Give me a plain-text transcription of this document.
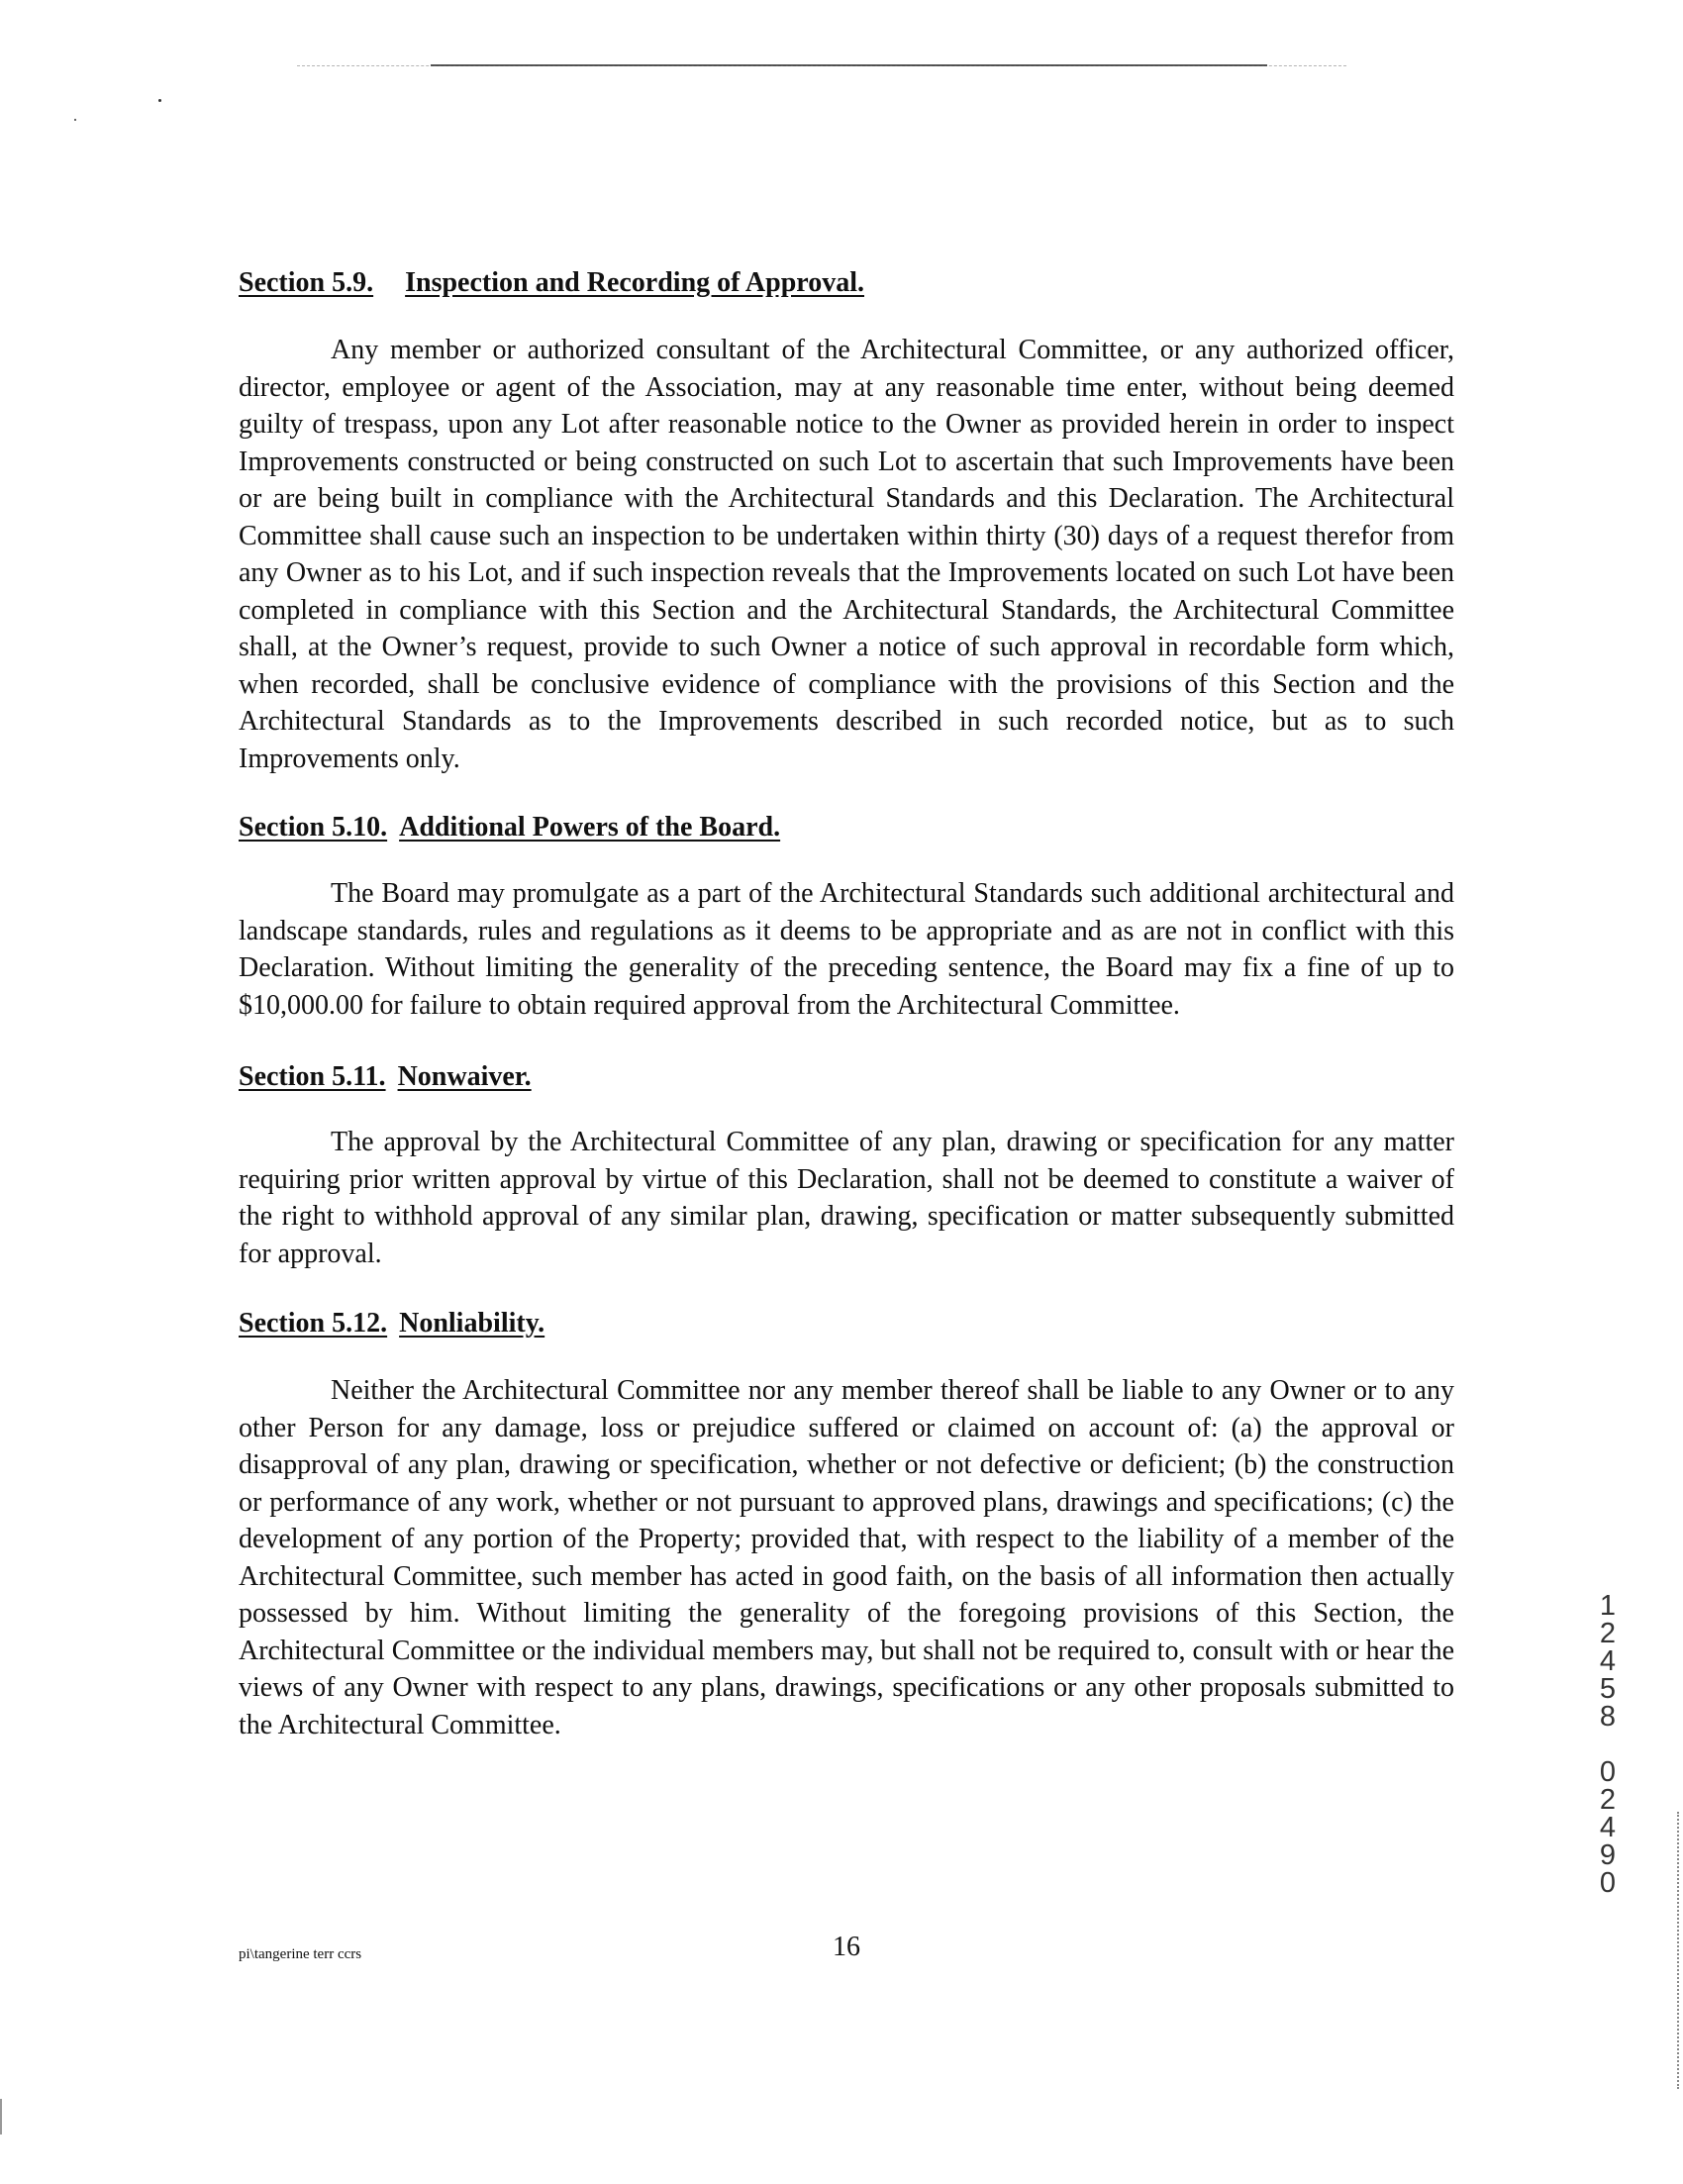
Section 5.9. Inspection and Recording of Approval.

Any member or authorized consultant of the Architectural Committee, or any authorized officer, director, employee or agent of the Association, may at any reasonable time enter, without being deemed guilty of trespass, upon any Lot after reasonable notice to the Owner as provided herein in order to inspect Improvements constructed or being constructed on such Lot to ascertain that such Improvements have been or are being built in compliance with the Architectural Standards and this Declaration. The Architectural Committee shall cause such an inspection to be undertaken within thirty (30) days of a request therefor from any Owner as to his Lot, and if such inspection reveals that the Improvements located on such Lot have been completed in compliance with this Section and the Architectural Standards, the Architectural Committee shall, at the Owner’s request, provide to such Owner a notice of such approval in recordable form which, when recorded, shall be conclusive evidence of compliance with the provisions of this Section and the Architectural Standards as to the Improvements described in such recorded notice, but as to such Improvements only.

Section 5.10. Additional Powers of the Board.

The Board may promulgate as a part of the Architectural Standards such additional architectural and landscape standards, rules and regulations as it deems to be appropriate and as are not in conflict with this Declaration. Without limiting the generality of the preceding sentence, the Board may fix a fine of up to $10,000.00 for failure to obtain required approval from the Architectural Committee.

Section 5.11. Nonwaiver.

The approval by the Architectural Committee of any plan, drawing or specification for any matter requiring prior written approval by virtue of this Declaration, shall not be deemed to constitute a waiver of the right to withhold approval of any similar plan, drawing, specification or matter subsequently submitted for approval.

Section 5.12. Nonliability.

Neither the Architectural Committee nor any member thereof shall be liable to any Owner or to any other Person for any damage, loss or prejudice suffered or claimed on account of: (a) the approval or disapproval of any plan, drawing or specification, whether or not defective or deficient; (b) the construction or performance of any work, whether or not pursuant to approved plans, drawings and specifications; (c) the development of any portion of the Property; provided that, with respect to the liability of a member of the Architectural Committee, such member has acted in good faith, on the basis of all information then actually possessed by him. Without limiting the generality of the foregoing provisions of this Section, the Architectural Committee or the individual members may, but shall not be required to, consult with or hear the views of any Owner with respect to any plans, drawings, specifications or any other proposals submitted to the Architectural Committee.

pi\tangerine terr ccrs	16
1
2
4
5
8
0
2
4
9
0
